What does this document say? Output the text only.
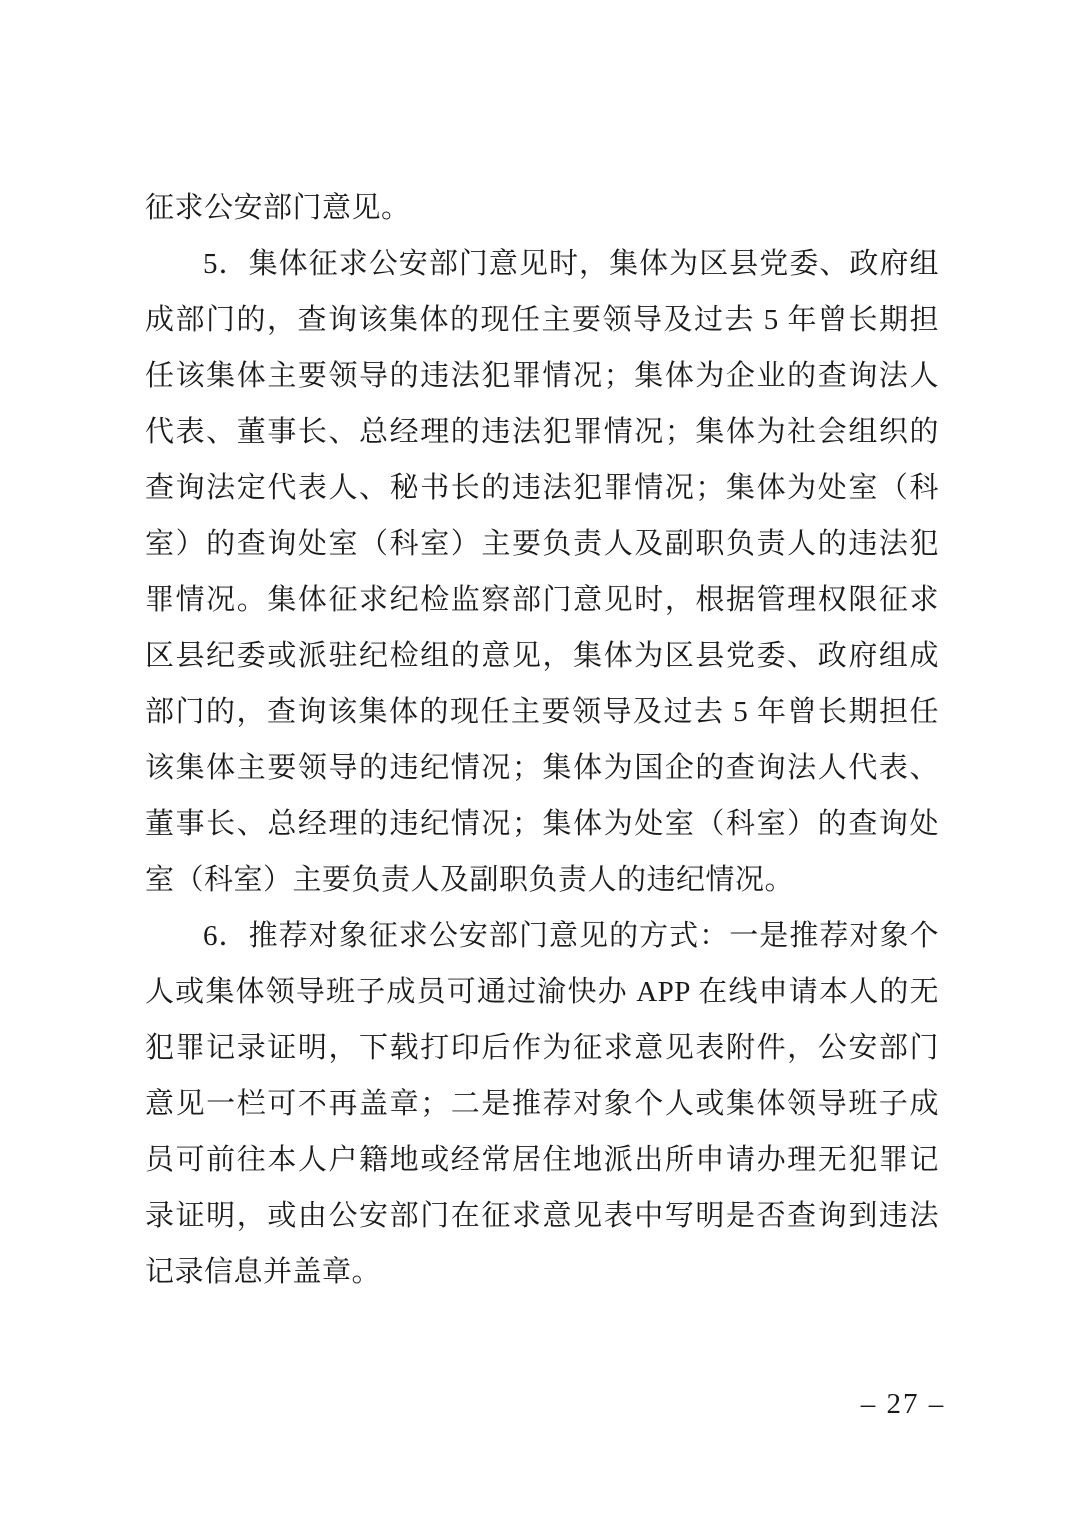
征求公安部门意见。

5．集体征求公安部门意见时，集体为区县党委、政府组成部门的，查询该集体的现任主要领导及过去 5 年曾长期担任该集体主要领导的违法犯罪情况；集体为企业的查询法人代表、董事长、总经理的违法犯罪情况；集体为社会组织的查询法定代表人、秘书长的违法犯罪情况；集体为处室（科室）的查询处室（科室）主要负责人及副职负责人的违法犯罪情况。集体征求纪检监察部门意见时，根据管理权限征求区县纪委或派驻纪检组的意见，集体为区县党委、政府组成部门的，查询该集体的现任主要领导及过去 5 年曾长期担任该集体主要领导的违纪情况；集体为国企的查询法人代表、董事长、总经理的违纪情况；集体为处室（科室）的查询处室（科室）主要负责人及副职负责人的违纪情况。

6．推荐对象征求公安部门意见的方式：一是推荐对象个人或集体领导班子成员可通过渝快办 APP 在线申请本人的无犯罪记录证明，下载打印后作为征求意见表附件，公安部门意见一栏可不再盖章；二是推荐对象个人或集体领导班子成员可前往本人户籍地或经常居住地派出所申请办理无犯罪记录证明，或由公安部门在征求意见表中写明是否查询到违法记录信息并盖章。

– 27 –
